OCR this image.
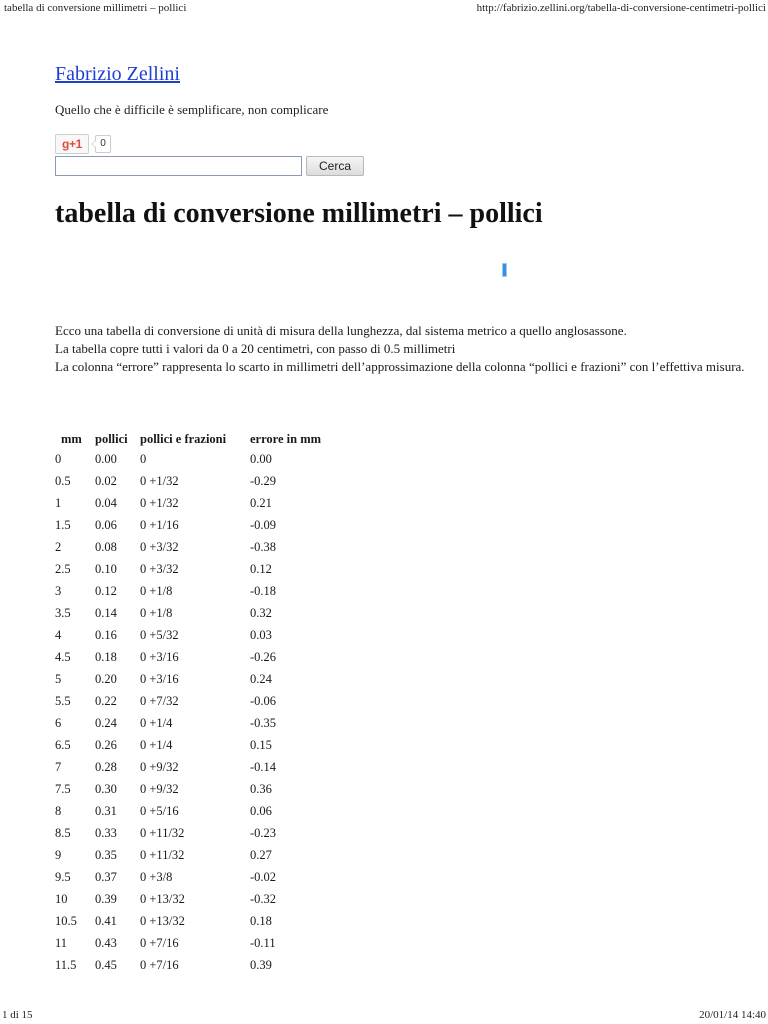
tabella di conversione millimetri – pollici	http://fabrizio.zellini.org/tabella-di-conversione-centimetri-pollici
Fabrizio Zellini
Quello che è difficile è semplificare, non complicare
g+1	0
Cerca
tabella di conversione millimetri – pollici

Ecco una tabella di conversione di unità di misura della lunghezza, dal sistema metrico a quello anglosassone.

La tabella copre tutti i valori da 0 a 20 centimetri, con passo di 0.5 millimetri

La colonna “errore” rappresenta lo scarto in millimetri dell’approssimazione della colonna “pollici e frazioni” con l’effettiva misura.

mm	pollici	pollici e frazioni	errore in mm
0	0.00	0	0.00
0.5	0.02	0 +1/32	-0.29
1	0.04	0 +1/32	0.21
1.5	0.06	0 +1/16	-0.09
2	0.08	0 +3/32	-0.38
2.5	0.10	0 +3/32	0.12
3	0.12	0 +1/8	-0.18
3.5	0.14	0 +1/8	0.32
4	0.16	0 +5/32	0.03
4.5	0.18	0 +3/16	-0.26
5	0.20	0 +3/16	0.24
5.5	0.22	0 +7/32	-0.06
6	0.24	0 +1/4	-0.35
6.5	0.26	0 +1/4	0.15
7	0.28	0 +9/32	-0.14
7.5	0.30	0 +9/32	0.36
8	0.31	0 +5/16	0.06
8.5	0.33	0 +11/32	-0.23
9	0.35	0 +11/32	0.27
9.5	0.37	0 +3/8	-0.02
10	0.39	0 +13/32	-0.32
10.5	0.41	0 +13/32	0.18
11	0.43	0 +7/16	-0.11
11.5	0.45	0 +7/16	0.39
1 di 15	20/01/14 14:40
